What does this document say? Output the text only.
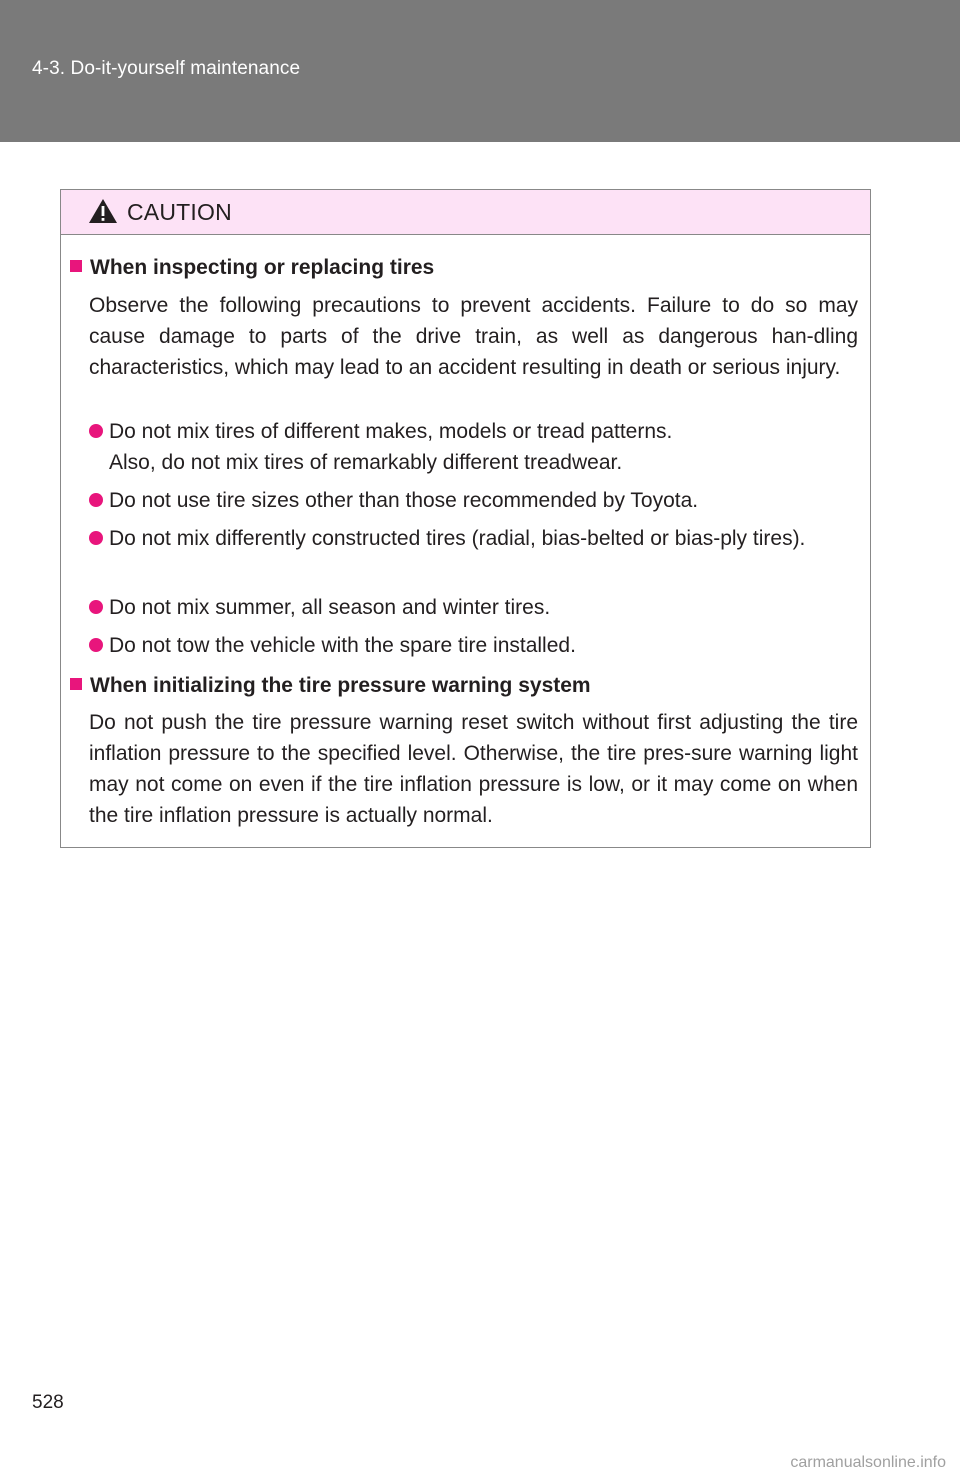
4-3. Do-it-yourself maintenance
CAUTION
When inspecting or replacing tires
Observe the following precautions to prevent accidents. Failure to do so may cause damage to parts of the drive train, as well as dangerous han-dling characteristics, which may lead to an accident resulting in death or serious injury.
Do not mix tires of different makes, models or tread patterns.
Also, do not mix tires of remarkably different treadwear.
Do not use tire sizes other than those recommended by Toyota.
Do not mix differently constructed tires (radial, bias-belted or bias-ply tires).
Do not mix summer, all season and winter tires.
Do not tow the vehicle with the spare tire installed.
When initializing the tire pressure warning system
Do not push the tire pressure warning reset switch without first adjusting the tire inflation pressure to the specified level. Otherwise, the tire pres-sure warning light may not come on even if the tire inflation pressure is low, or it may come on when the tire inflation pressure is actually normal.
528
carmanualsonline.info
